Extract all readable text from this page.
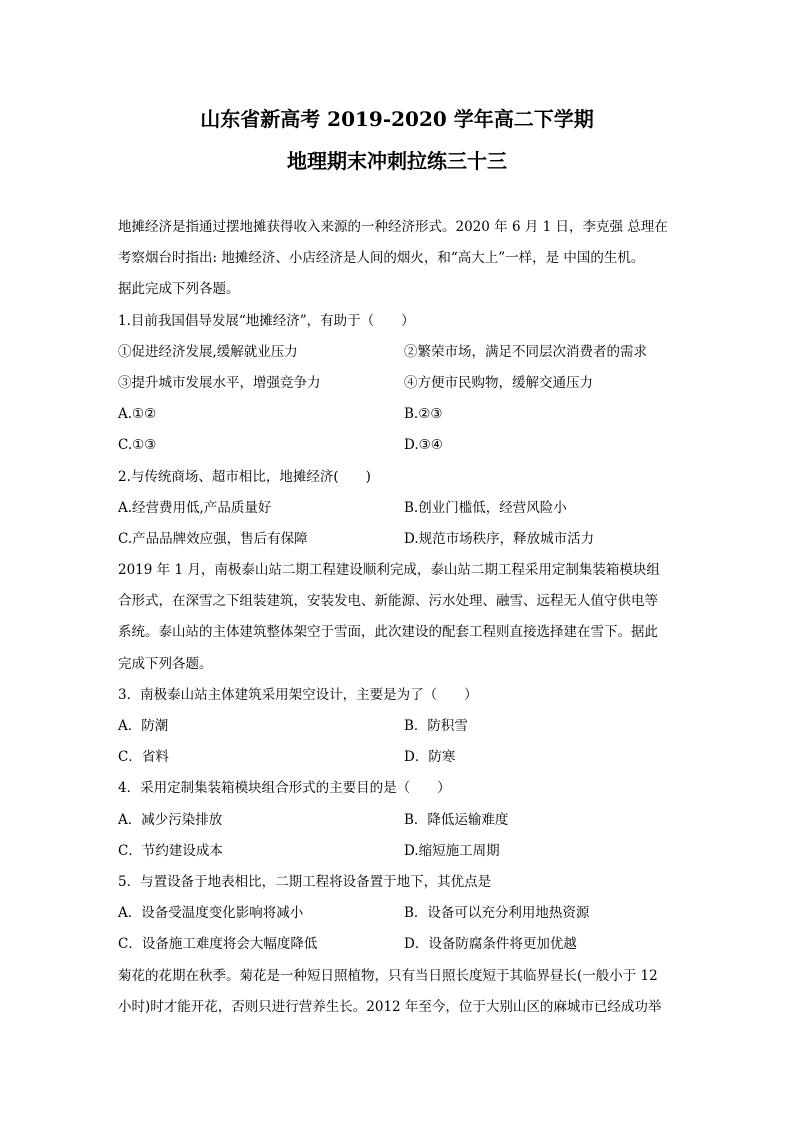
山东省新高考 2019-2020 学年高二下学期
地理期末冲刺拉练三十三
地摊经济是指通过摆地摊获得收入来源的一种经济形式。2020 年 6 月 1 日，李克强 总理在
考察烟台时指出: 地摊经济、小店经济是人间的烟火，和“高大上”一样，是 中国的生机。
据此完成下列各题。
1.目前我国倡导发展“地摊经济”，有助于（　　）
①促进经济发展,缓解就业压力	②繁荣市场，满足不同层次消费者的需求
③提升城市发展水平，增强竞争力	④方便市民购物，缓解交通压力
A.①②	B.②③
C.①③	D.③④
2.与传统商场、超市相比，地摊经济(　　)
A.经营费用低,产品质量好	B.创业门槛低，经营风险小
C.产品品牌效应强，售后有保障	D.规范市场秩序，释放城市活力
2019 年 1 月，南极泰山站二期工程建设顺利完成，泰山站二期工程采用定制集装箱模块组
合形式，在深雪之下组装建筑，安装发电、新能源、污水处理、融雪、远程无人值守供电等
系统。泰山站的主体建筑整体架空于雪面，此次建设的配套工程则直接选择建在雪下。据此
完成下列各题。
3．南极泰山站主体建筑采用架空设计，主要是为了（　　）
A．防潮	B．防积雪
C．省料	D．防寒
4．采用定制集装箱模块组合形式的主要目的是（　　）
A．减少污染排放	B．降低运输难度
C．节约建设成本	D.缩短施工周期
5．与置设备于地表相比，二期工程将设备置于地下，其优点是
A．设备受温度变化影响将减小	B．设备可以充分利用地热资源
C．设备施工难度将会大幅度降低	D．设备防腐条件将更加优越
菊花的花期在秋季。菊花是一种短日照植物，只有当日照长度短于其临界昼长(一般小于 12
小时)时才能开花，否则只进行营养生长。2012 年至今，位于大别山区的麻城市已经成功举
